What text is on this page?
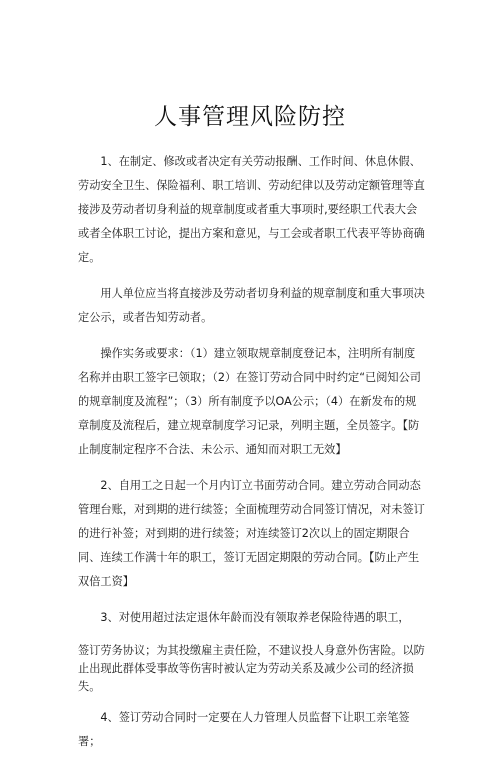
人事管理风险防控

1、在制定、修改或者决定有关劳动报酬、工作时间、休息休假、劳动安全卫生、保险福利、职工培训、劳动纪律以及劳动定额管理等直接涉及劳动者切身利益的规章制度或者重大事项时,要经职工代表大会或者全体职工讨论，提出方案和意见，与工会或者职工代表平等协商确定。

用人单位应当将直接涉及劳动者切身利益的规章制度和重大事项决定公示，或者告知劳动者。

操作实务或要求：（1）建立领取规章制度登记本，注明所有制度名称并由职工签字已领取；（2）在签订劳动合同中时约定“已阅知公司的规章制度及流程”；（3）所有制度予以OA公示；（4）在新发布的规章制度及流程后，建立规章制度学习记录，列明主题，全员签字。【防止制度制定程序不合法、未公示、通知而对职工无效】

2、自用工之日起一个月内订立书面劳动合同。建立劳动合同动态管理台账，对到期的进行续签；全面梳理劳动合同签订情况，对未签订的进行补签；对到期的进行续签；对连续签订2次以上的固定期限合同、连续工作满十年的职工，签订无固定期限的劳动合同。【防止产生双倍工资】

3、对使用超过法定退休年龄而没有领取养老保险待遇的职工，

签订劳务协议；为其投缴雇主责任险，不建议投人身意外伤害险。以防止出现此群体受事故等伤害时被认定为劳动关系及减少公司的经济损失。

4、签订劳动合同时一定要在人力管理人员监督下让职工亲笔签署；
